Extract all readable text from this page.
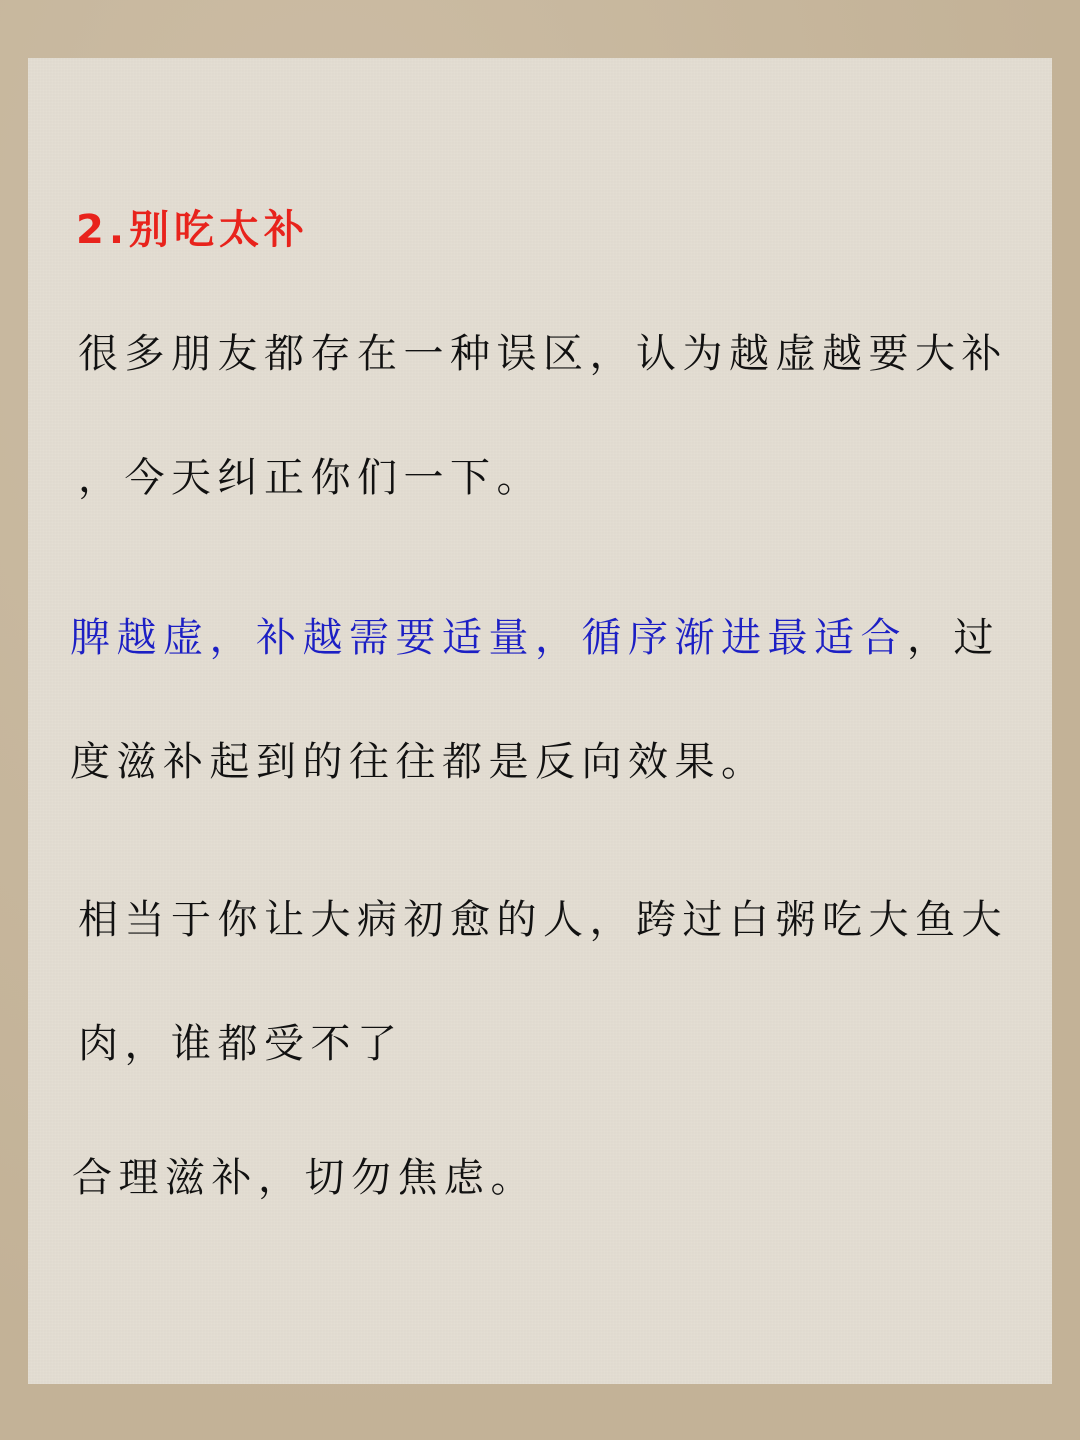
2.别吃太补
很多朋友都存在一种误区，认为越虚越要大补
，今天纠正你们一下。
脾越虚，补越需要适量，循序渐进最适合，过
度滋补起到的往往都是反向效果。
相当于你让大病初愈的人，跨过白粥吃大鱼大
肉，谁都受不了
合理滋补，切勿焦虑。
